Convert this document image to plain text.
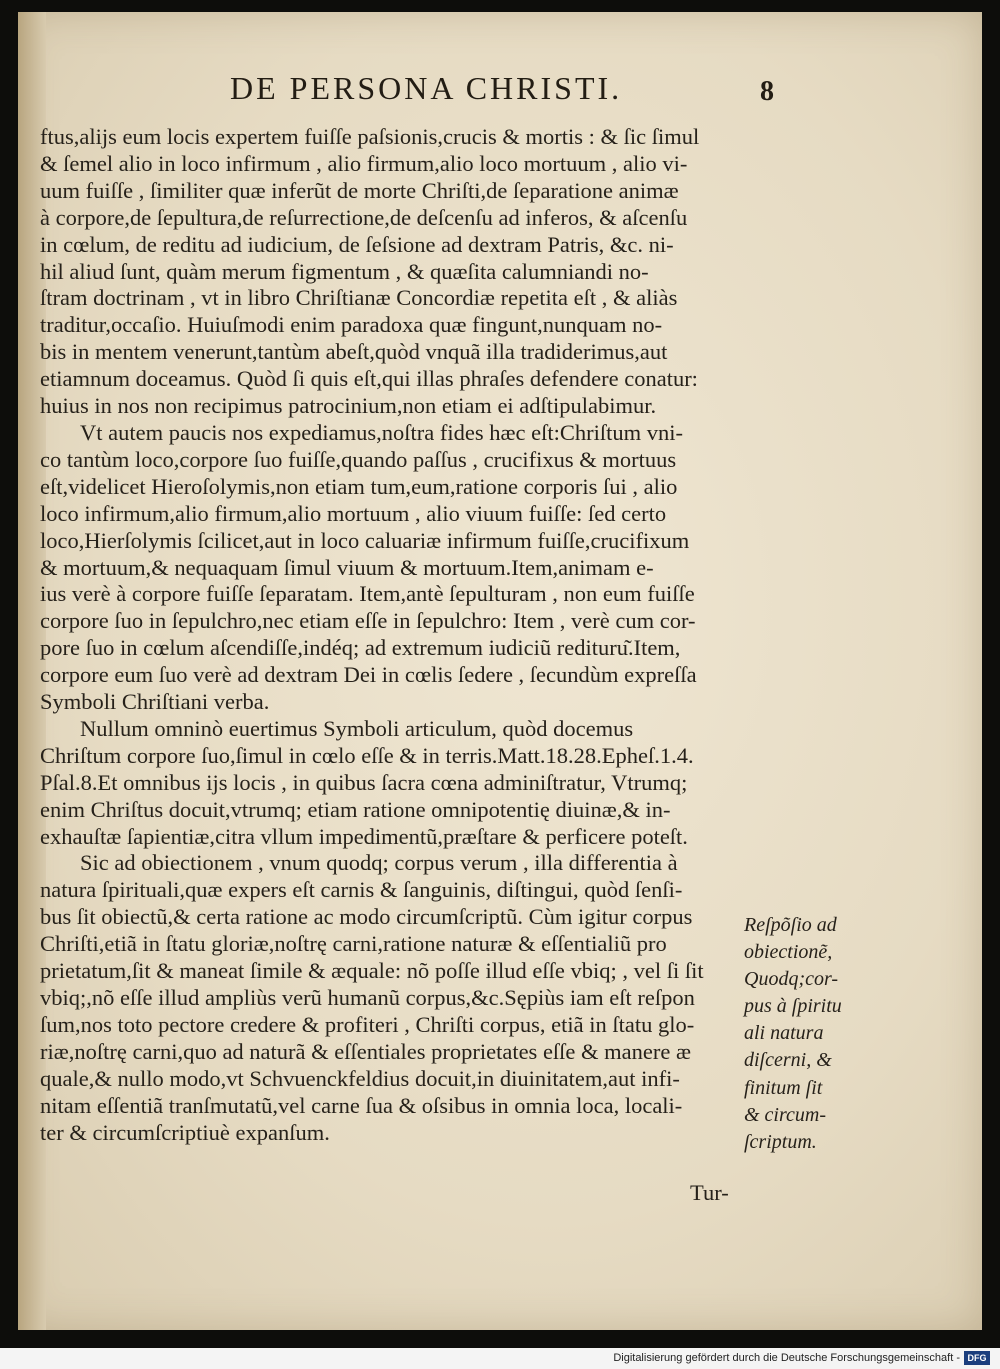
DE PERSONA CHRISTI.	8
ftus,alijs eum locis expertem fuiſſe paſsionis,crucis & mortis : & ſic ſimul
& ſemel alio in loco infirmum , alio firmum,alio loco mortuum , alio vi-
uum fuiſſe , ſimiliter quæ inferũt de morte Chriſti,de ſeparatione animæ
à corpore,de ſepultura,de reſurrectione,de deſcenſu ad inferos, & aſcenſu
in cœlum, de reditu ad iudicium, de ſeſsione ad dextram Patris, &c. ni-
hil aliud ſunt, quàm merum figmentum , & quæſita calumniandi no-
ſtram doctrinam , vt in libro Chriſtianæ Concordiæ repetita eſt , & aliàs
traditur,occaſio. Huiuſmodi enim paradoxa quæ fingunt,nunquam no-
bis in mentem venerunt,tantùm abeſt,quòd vnquã illa tradiderimus,aut
etiamnum doceamus. Quòd ſi quis eſt,qui illas phraſes defendere conatur:
huius in nos non recipimus patrocinium,non etiam ei adſtipulabimur.
Vt autem paucis nos expediamus,noſtra fides hæc eſt:Chriſtum vni-
co tantùm loco,corpore ſuo fuiſſe,quando paſſus , crucifixus & mortuus
eſt,videlicet Hieroſolymis,non etiam tum,eum,ratione corporis ſui , alio
loco infirmum,alio firmum,alio mortuum , alio viuum fuiſſe: ſed certo
loco,Hierſolymis ſcilicet,aut in loco caluariæ infirmum fuiſſe,crucifixum
& mortuum,& nequaquam ſimul viuum & mortuum.Item,animam e-
ius verè à corpore fuiſſe ſeparatam. Item,antè ſepulturam , non eum fuiſſe
corpore ſuo in ſepulchro,nec etiam eſſe in ſepulchro: Item , verè cum cor-
pore ſuo in cœlum aſcendiſſe,indéq; ad extremum iudiciũ redituru͂.Item,
corpore eum ſuo verè ad dextram Dei in cœlis ſedere , ſecundùm expreſſa
Symboli Chriſtiani verba.
Nullum omninò euertimus Symboli articulum, quòd docemus
Chriſtum corpore ſuo,ſimul in cœlo eſſe & in terris.Matt.18.28.Epheſ.1.4.
Pſal.8.Et omnibus ijs locis , in quibus ſacra cœna adminiſtratur, Vtrumq;
enim Chriſtus docuit,vtrumq; etiam ratione omnipotentię diuinæ,& in-
exhauſtæ ſapientiæ,citra vllum impedimentũ,præſtare & perficere poteſt.
Sic ad obiectionem , vnum quodq; corpus verum , illa differentia à
natura ſpirituali,quæ expers eſt carnis & ſanguinis, diſtingui, quòd ſenſi-
bus ſit obiectũ,& certa ratione ac modo circumſcriptũ. Cùm igitur corpus
Chriſti,etiã in ſtatu gloriæ,noſtrę carni,ratione naturæ & eſſentialiũ pro
prietatum,ſit & maneat ſimile & æquale: nõ poſſe illud eſſe vbiq; , vel ſi ſit
vbiq;,nõ eſſe illud ampliùs verũ humanũ corpus,&c.Sępiùs iam eſt reſpon
ſum,nos toto pectore credere & profiteri , Chriſti corpus, etiã in ſtatu glo-
riæ,noſtrę carni,quo ad naturã & eſſentiales proprietates eſſe & manere æ
quale,& nullo modo,vt Schvuenckfeldius docuit,in diuinitatem,aut infi-
nitam eſſentiã tranſmutatũ,vel carne ſua & oſsibus in omnia loca, locali-
ter & circumſcriptiuè expanſum.
Reſpõſio ad
obiectionẽ,
Quodq;cor-
pus à ſpiritu
ali natura
diſcerni, &
finitum ſit
& circum-
ſcriptum.
Tur-
Digitalisierung gefördert durch die Deutsche Forschungsgemeinschaft - DFG
